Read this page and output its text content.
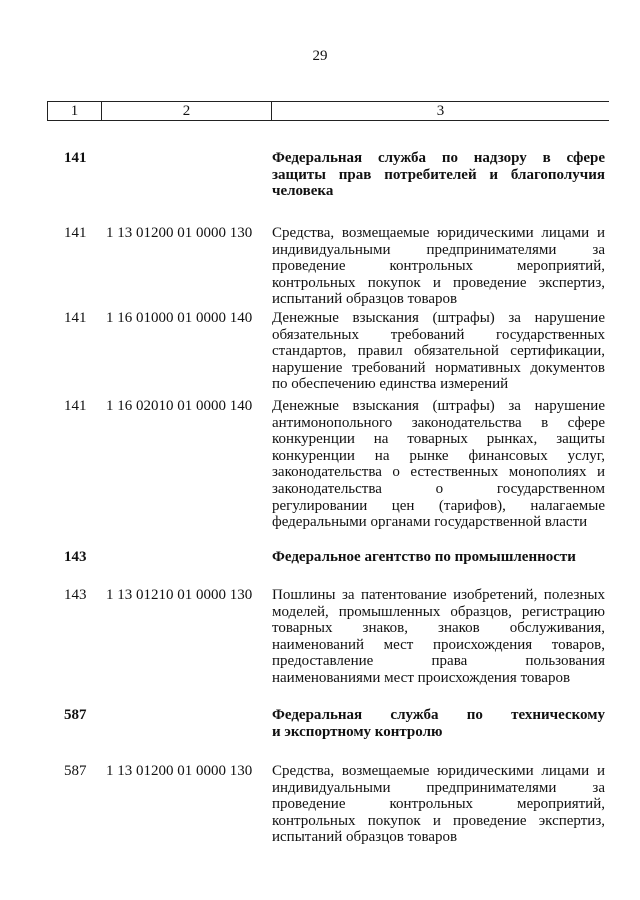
29
1	2	3
141	Федеральная служба по надзору в сфере
защиты прав потребителей и благополучия
человека
141 1 13 01200 01 0000 130 Средства, возмещаемые юридическими лицами и
индивидуальными предпринимателями за
проведение контрольных мероприятий,
контрольных покупок и проведение экспертиз,
испытаний образцов товаров
141 1 16 01000 01 0000 140 Денежные взыскания (штрафы) за нарушение
обязательных требований государственных
стандартов, правил обязательной сертификации,
нарушение требований нормативных документов
по обеспечению единства измерений
141 1 16 02010 01 0000 140 Денежные взыскания (штрафы) за нарушение
антимонопольного законодательства в сфере
конкуренции на товарных рынках, защиты
конкуренции на рынке финансовых услуг,
законодательства о естественных монополиях и
законодательства о государственном
регулировании цен (тарифов), налагаемые
федеральными органами государственной власти
143	Федеральное агентство по промышленности
143 1 13 01210 01 0000 130 Пошлины за патентование изобретений, полезных
моделей, промышленных образцов, регистрацию
товарных знаков, знаков обслуживания,
наименований мест происхождения товаров,
предоставление права пользования
наименованиями мест происхождения товаров
587	Федеральная служба по техническому
и экспортному контролю
587 1 13 01200 01 0000 130 Средства, возмещаемые юридическими лицами и
индивидуальными предпринимателями за
проведение контрольных мероприятий,
контрольных покупок и проведение экспертиз,
испытаний образцов товаров
